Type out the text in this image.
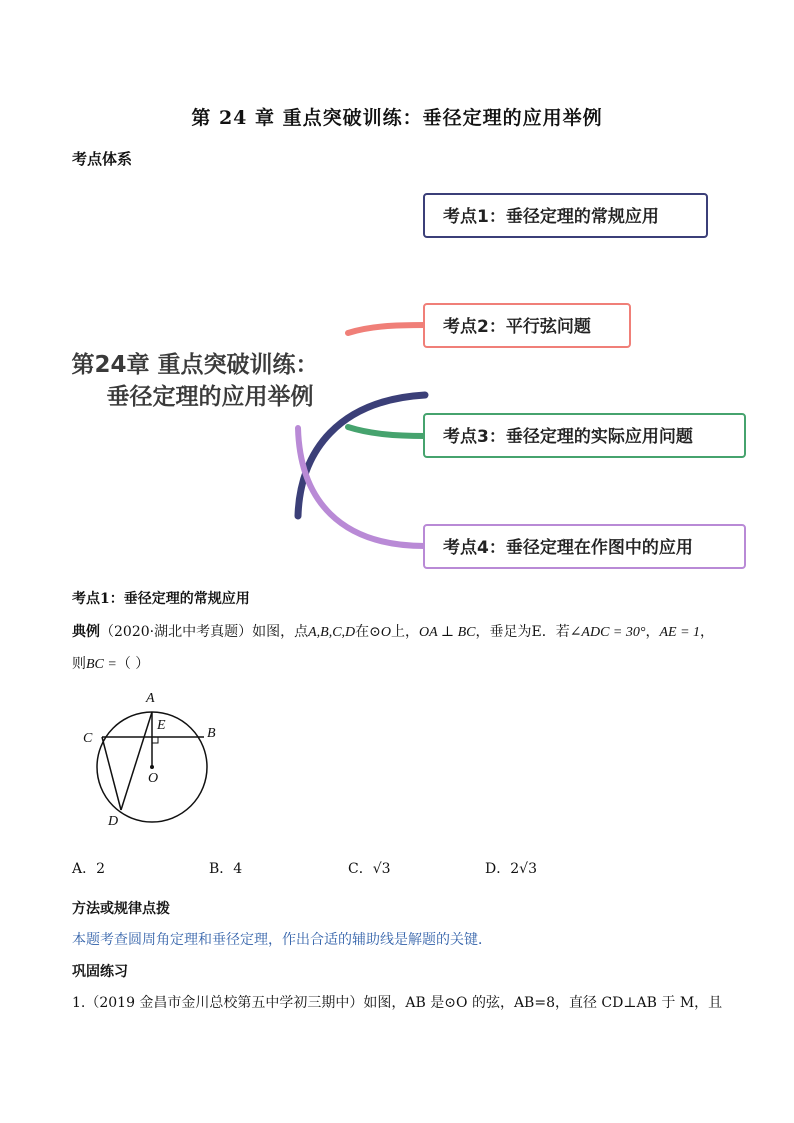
第 24 章 重点突破训练：垂径定理的应用举例
考点体系
第24章 重点突破训练：
垂径定理的应用举例
考点1：垂径定理的常规应用
考点2：平行弦问题
考点3：垂径定理的实际应用问题
考点4：垂径定理在作图中的应用
考点1：垂径定理的常规应用
典例（2020·湖北中考真题）如图，点A,B,C,D在⊙O上，OA ⊥ BC，垂足为E．若∠ADC = 30°，AE = 1，
则BC =（ ）
A
B
C
D
E
O
A．2	B．4	C．√3	D．2√3
方法或规律点拨
本题考查圆周角定理和垂径定理，作出合适的辅助线是解题的关键．
巩固练习
1.（2019 金昌市金川总校第五中学初三期中）如图，AB 是⊙O 的弦，AB=8，直径 CD⊥AB 于 M，且
